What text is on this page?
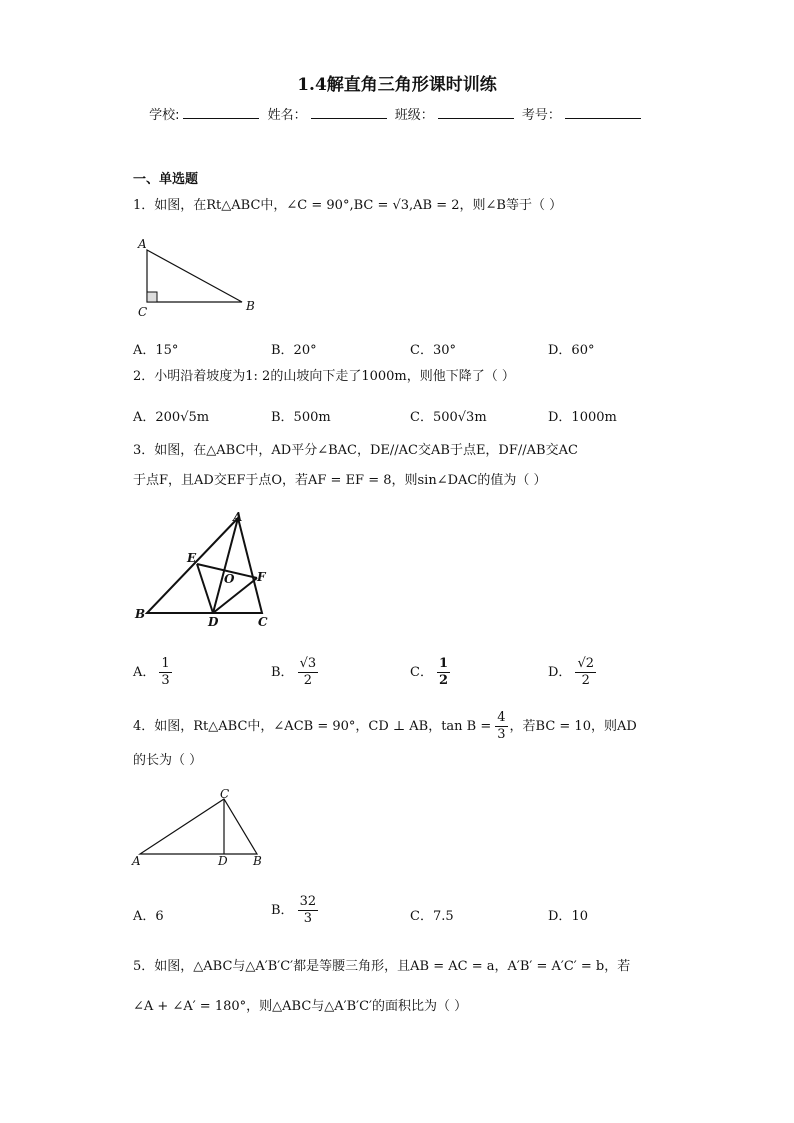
1.4解直角三角形课时训练
学校:	姓名：	班级：	考号：
一、单选题
1．如图，在Rt△ABC中，∠C = 90°,BC = √3,AB = 2，则∠B等于（ ）
A
B
C
A．15°	B．20°	C．30°	D．60°
2．小明沿着坡度为1: 2的山坡向下走了1000m，则他下降了（ ）
A．200√5m	B．500m	C．500√3m	D．1000m
3．如图，在△ABC中，AD平分∠BAC，DE//AC交AB于点E，DF//AB交AC
于点F，且AD交EF于点O，若AF = EF = 8，则sin∠DAC的值为（ ）
A
E
O F
B
D	C
A． $\frac{1}{3}$	B． $\frac{√3}{2}$	C． $\frac{1}{2}$	D． $\frac{√2}{2}$
4．如图，Rt△ABC中，∠ACB = 90°，CD ⊥ AB，$\tan B = \frac{4}{3}$ ，若BC = 10，则AD
的长为（ ）
C
A	D B
A．6	B． $\frac{32}{3}$	C．7.5	D．10
5．如图，△ABC与△A′B′C′都是等腰三角形，且AB = AC = a，A′B′ = A′C′ = b，若
∠A + ∠A′ = 180°，则△ABC与△A′B′C′的面积比为（ ）
